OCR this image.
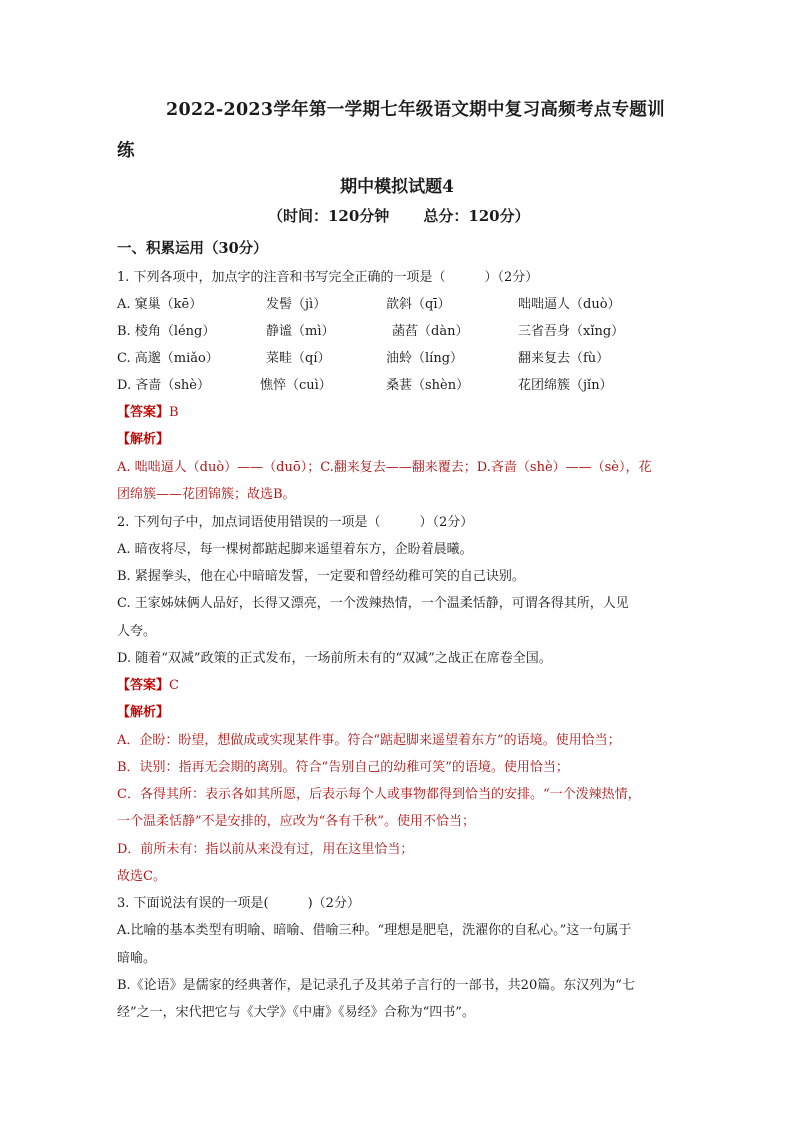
2022-2023学年第一学期七年级语文期中复习高频考点专题训
练
期中模拟试题4
（时间：120分钟 总分：120分）
一、积累运用（30分）
1. 下列各项中，加点字的注音和书写完全正确的一项是（　　　）（2分）
A. 窠巢（kē）	发髻（jì）	歆斜（qī）	咄咄逼人（duò）
B. 棱角（léng）	静谧（mì）	菡萏（dàn）	三省吾身（xǐng）
C. 高邈（miǎo）	菜畦（qí）	油蛉（líng）	翻来复去（fù）
D. 吝啬（shè）	憔悴（cuì）	桑葚（shèn）	花团绵簇（jǐn）
【答案】B
【解析】
A. 咄咄逼人（duò）——（duō）；C.翻来复去——翻来覆去；D.吝啬（shè）——（sè），花
团绵簇——花团锦簇；故选B。
2. 下列句子中，加点词语使用错误的一项是（　　　）（2分）
A. 暗夜将尽，每一棵树都踮起脚来遥望着东方，企盼着晨曦。
B. 紧握拳头，他在心中暗暗发誓，一定要和曾经幼稚可笑的自己诀别。
C. 王家姊妹俩人品好，长得又漂亮，一个泼辣热情，一个温柔恬静，可谓各得其所，人见
人夸。
D. 随着“双减”政策的正式发布，一场前所未有的“双减”之战正在席卷全国。
【答案】C
【解析】
A．企盼：盼望，想做成或实现某件事。符合“踮起脚来遥望着东方”的语境。使用恰当；
B．诀别：指再无会期的离别。符合“告别自己的幼稚可笑”的语境。使用恰当；
C．各得其所：表示各如其所愿，后表示每个人或事物都得到恰当的安排。“一个泼辣热情，
一个温柔恬静”不是安排的，应改为“各有千秋”。使用不恰当；
D．前所未有：指以前从来没有过，用在这里恰当；
故选C。
3. 下面说法有误的一项是(　　　)（2分）
A.比喻的基本类型有明喻、暗喻、借喻三种。“理想是肥皂，洗濯你的自私心。”这一句属于
暗喻。
B.《论语》是儒家的经典著作，是记录孔子及其弟子言行的一部书，共20篇。东汉列为“七
经”之一，宋代把它与《大学》《中庸》《易经》合称为“四书”。
